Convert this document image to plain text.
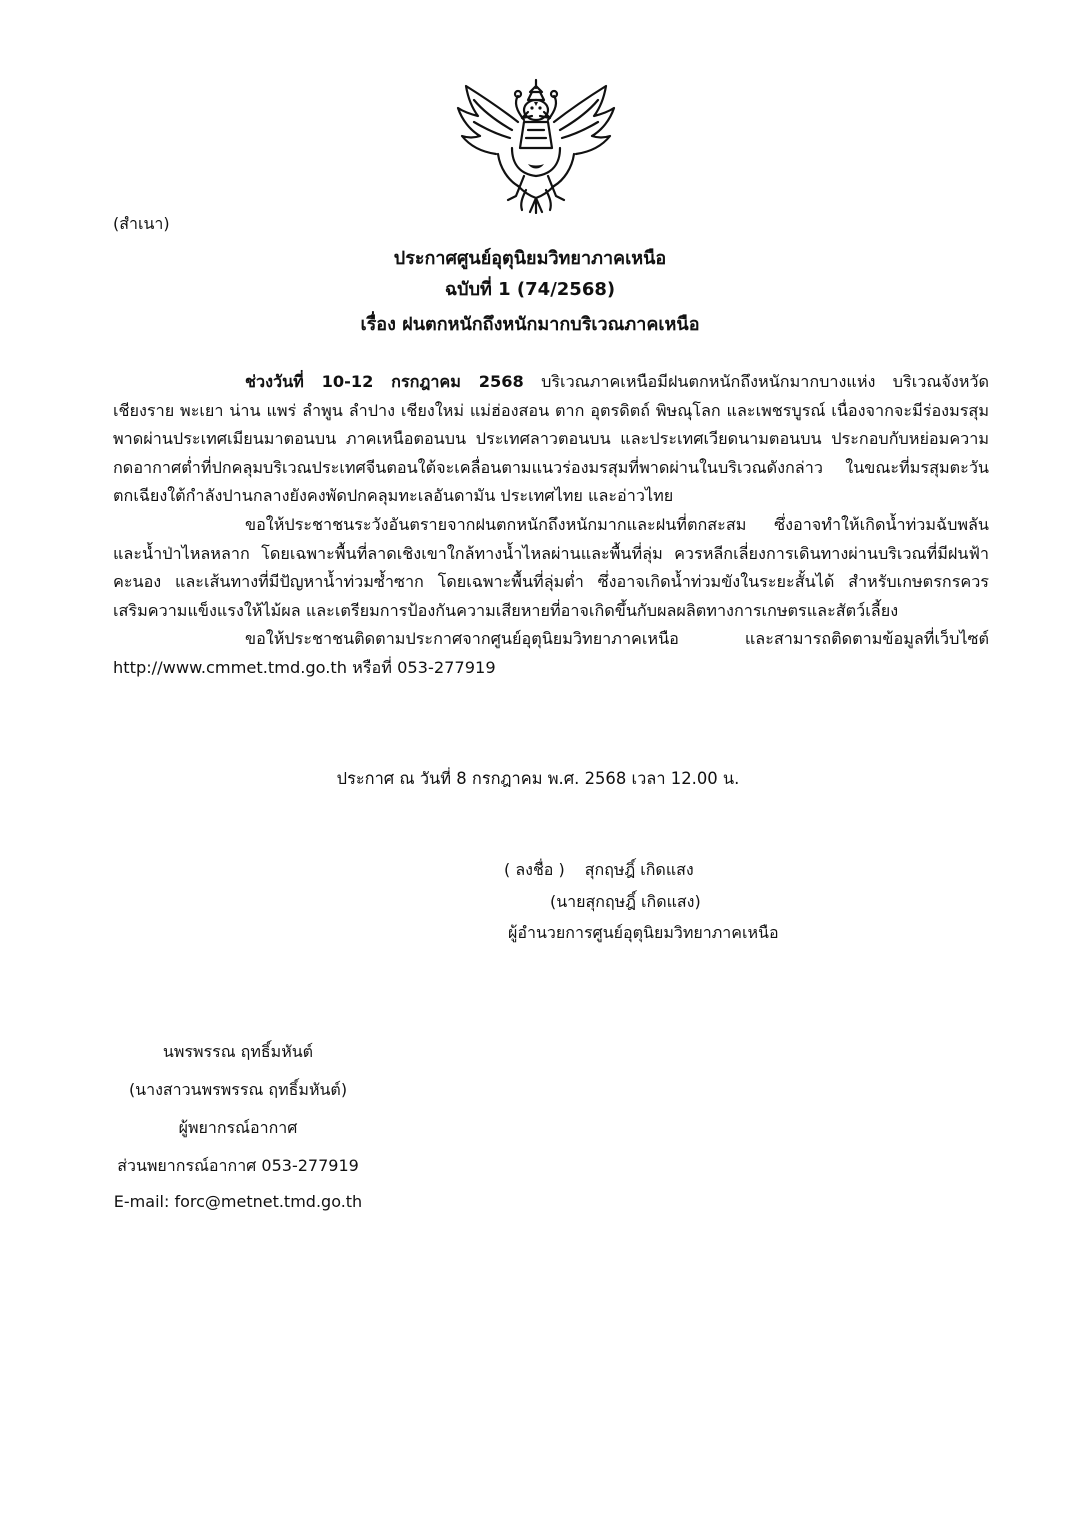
(สำเนา)
ประกาศศูนย์อุตุนิยมวิทยาภาคเหนือ
ฉบับที่ 1 (74/2568)
เรื่อง ฝนตกหนักถึงหนักมากบริเวณภาคเหนือ

ช่วงวันที่ 10-12 กรกฎาคม 2568 บริเวณภาคเหนือมีฝนตกหนักถึงหนักมากบางแห่ง บริเวณจังหวัดเชียงราย พะเยา น่าน แพร่ ลำพูน ลำปาง เชียงใหม่ แม่ฮ่องสอน ตาก อุตรดิตถ์ พิษณุโลก และเพชรบูรณ์ เนื่องจากจะมีร่องมรสุมพาดผ่านประเทศเมียนมาตอนบน ภาคเหนือตอนบน ประเทศลาวตอนบน และประเทศเวียดนามตอนบน ประกอบกับหย่อมความกดอากาศต่ำที่ปกคลุมบริเวณประเทศจีนตอนใต้จะเคลื่อนตามแนวร่องมรสุมที่พาดผ่านในบริเวณดังกล่าว ในขณะที่มรสุมตะวันตกเฉียงใต้กำลังปานกลางยังคงพัดปกคลุมทะเลอันดามัน ประเทศไทย และอ่าวไทย

ขอให้ประชาชนระวังอันตรายจากฝนตกหนักถึงหนักมากและฝนที่ตกสะสม ซึ่งอาจทำให้เกิดน้ำท่วมฉับพลันและน้ำป่าไหลหลาก โดยเฉพาะพื้นที่ลาดเชิงเขาใกล้ทางน้ำไหลผ่านและพื้นที่ลุ่ม ควรหลีกเลี่ยงการเดินทางผ่านบริเวณที่มีฝนฟ้าคะนอง และเส้นทางที่มีปัญหาน้ำท่วมซ้ำซาก โดยเฉพาะพื้นที่ลุ่มต่ำ ซึ่งอาจเกิดน้ำท่วมขังในระยะสั้นได้ สำหรับเกษตรกรควรเสริมความแข็งแรงให้ไม้ผล และเตรียมการป้องกันความเสียหายที่อาจเกิดขึ้นกับผลผลิตทางการเกษตรและสัตว์เลี้ยง

ขอให้ประชาชนติดตามประกาศจากศูนย์อุตุนิยมวิทยาภาคเหนือ และสามารถติดตามข้อมูลที่เว็บไซต์ http://www.cmmet.tmd.go.th หรือที่ 053-277919

ประกาศ ณ วันที่ 8 กรกฎาคม พ.ศ. 2568 เวลา 12.00 น.
( ลงชื่อ ) สุกฤษฎิ์ เกิดแสง
(นายสุกฤษฎิ์ เกิดแสง)
ผู้อำนวยการศูนย์อุตุนิยมวิทยาภาคเหนือ
นพรพรรณ ฤทธิ์มหันต์
(นางสาวนพรพรรณ ฤทธิ์มหันต์)
ผู้พยากรณ์อากาศ
ส่วนพยากรณ์อากาศ 053-277919
E-mail: forc@metnet.tmd.go.th
